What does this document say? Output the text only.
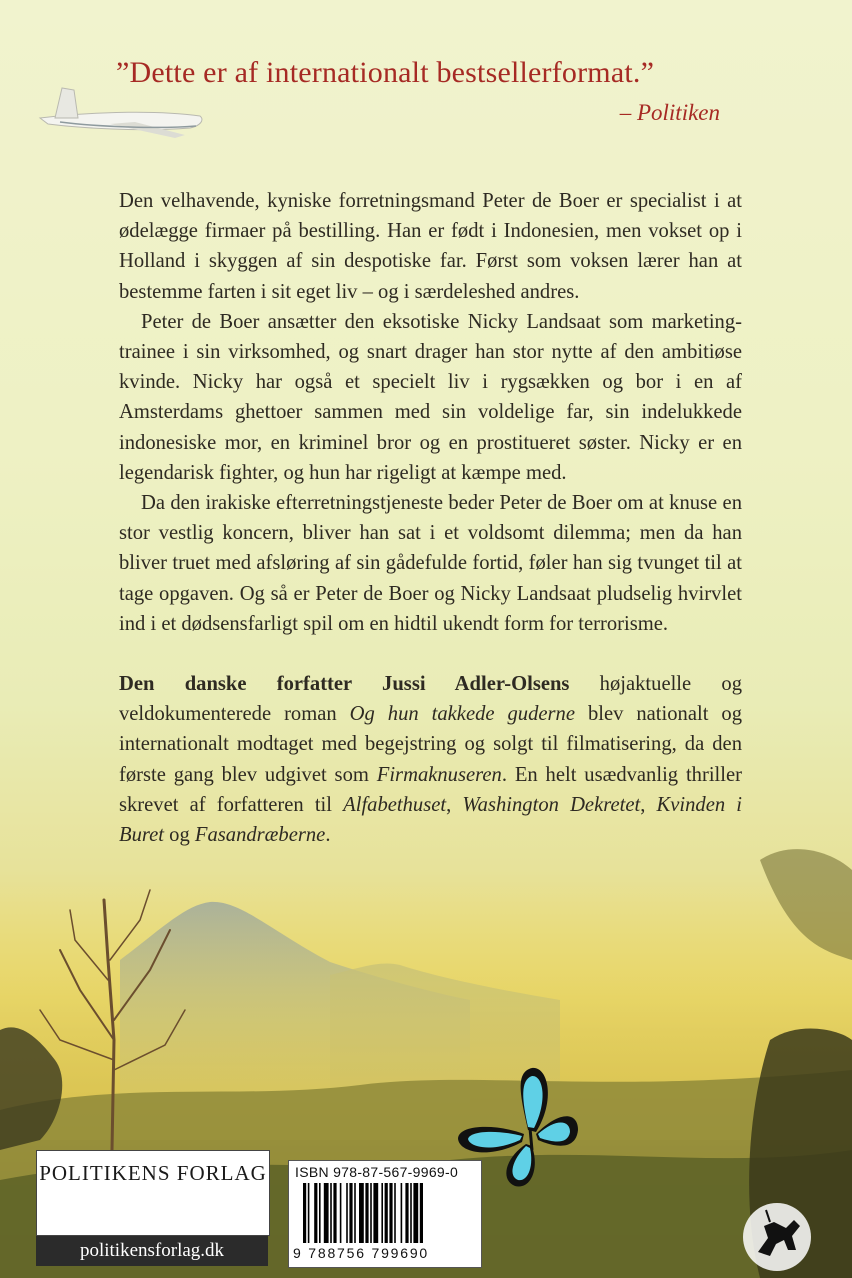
”Dette er af internationalt bestsellerformat.”
– Politiken

Den velhavende, kyniske forretningsmand Peter de Boer er specialist i at ødelægge firmaer på bestilling. Han er født i Indonesien, men vokset op i Holland i skyggen af sin despotiske far. Først som voksen lærer han at bestemme farten i sit eget liv – og i særdeleshed andres.

Peter de Boer ansætter den eksotiske Nicky Landsaat som marketing-trainee i sin virksomhed, og snart drager han stor nytte af den ambitiøse kvinde. Nicky har også et specielt liv i rygsækken og bor i en af Amsterdams ghettoer sammen med sin voldelige far, sin indelukkede indonesiske mor, en kriminel bror og en prostitueret søster. Nicky er en legendarisk fighter, og hun har rigeligt at kæmpe med.

Da den irakiske efterretningstjeneste beder Peter de Boer om at knuse en stor vestlig koncern, bliver han sat i et voldsomt dilemma; men da han bliver truet med afsløring af sin gådefulde fortid, føler han sig tvunget til at tage opgaven. Og så er Peter de Boer og Nicky Landsaat pludselig hvirvlet ind i et dødsensfarligt spil om en hidtil ukendt form for terrorisme.

Den danske forfatter Jussi Adler-Olsens højaktuelle og veldokumenterede roman Og hun takkede guderne blev nationalt og internationalt modtaget med begejstring og solgt til filmatisering, da den første gang blev udgivet som Firmaknuseren. En helt usædvanlig thriller skrevet af forfatteren til Alfabethuset, Washington Dekretet, Kvinden i Buret og Fasandræberne.

POLITIKENS FORLAG
politikensforlag.dk
ISBN 978-87-567-9969-0
9 788756 799690
